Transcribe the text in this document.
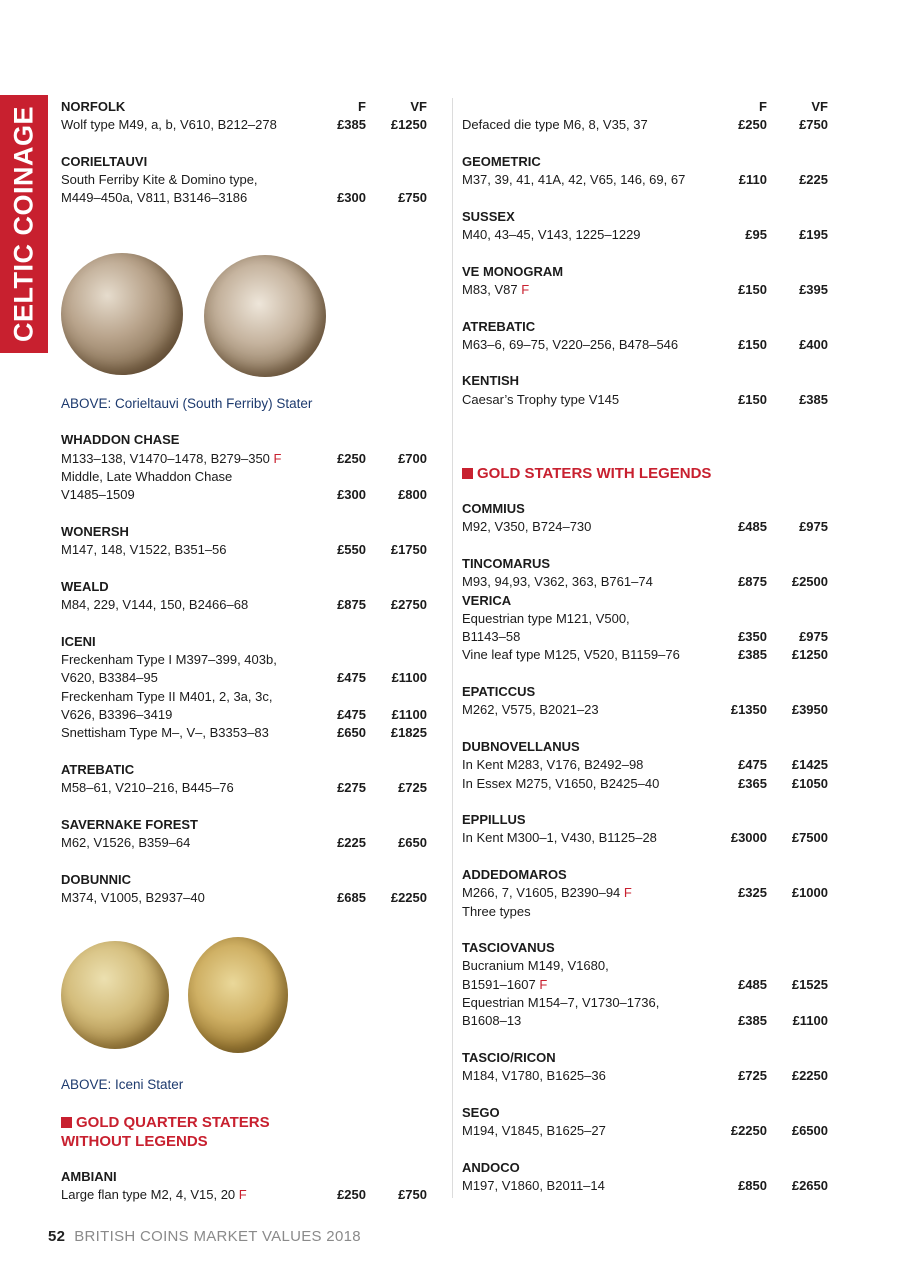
CELTIC COINAGE NORFOLK	F	VF
Wolf type M49, a, b, V610, B212–278	£385 £1250
CORIELTAUVI
South Ferriby Kite & Domino type,
M449–450a, V811, B3146–3186	£300 £750
ABOVE: Corieltauvi (South Ferriby) Stater
WHADDON CHASE
M133–138, V1470–1478, B279–350 F	£250 £700
Middle, Late Whaddon Chase
V1485–1509	£300 £800
WONERSH
M147, 148, V1522, B351–56	£550 £1750
WEALD
M84, 229, V144, 150, B2466–68	£875 £2750
ICENI
Freckenham Type I M397–399, 403b,
V620, B3384–95	£475 £1100
Freckenham Type II M401, 2, 3a, 3c,
V626, B3396–3419	£475 £1100
Snettisham Type M–, V–, B3353–83	£650 £1825
ATREBATIC
M58–61, V210–216, B445–76	£275 £725
SAVERNAKE FOREST
M62, V1526, B359–64	£225 £650
DOBUNNIC
M374, V1005, B2937–40	£685 £2250
ABOVE: Iceni Stater
GOLD QUARTER STATERS
WITHOUT LEGENDS
AMBIANI
Large flan type M2, 4, V15, 20 F	£250 £750
F	VF
Defaced die type M6, 8, V35, 37	£250 £750
GEOMETRIC
M37, 39, 41, 41A, 42, V65, 146, 69, 67	£110 £225
SUSSEX
M40, 43–45, V143, 1225–1229	£95 £195
VE MONOGRAM
M83, V87 F	£150 £395
ATREBATIC
M63–6, 69–75, V220–256, B478–546	£150 £400
KENTISH
Caesar’s Trophy type V145	£150 £385
GOLD STATERS WITH LEGENDS
COMMIUS
M92, V350, B724–730	£485 £975
TINCOMARUS
M93, 94,93, V362, 363, B761–74	£875 £2500
VERICA
Equestrian type M121, V500,
B1143–58	£350 £975
Vine leaf type M125, V520, B1159–76	£385 £1250
EPATICCUS
M262, V575, B2021–23	£1350 £3950
DUBNOVELLANUS
In Kent M283, V176, B2492–98	£475 £1425
In Essex M275, V1650, B2425–40	£365 £1050
EPPILLUS
In Kent M300–1, V430, B1125–28	£3000 £7500
ADDEDOMAROS
M266, 7, V1605, B2390–94 F	£325 £1000
Three types
TASCIOVANUS
Bucranium M149, V1680,
B1591–1607 F	£485 £1525
Equestrian M154–7, V1730–1736,
B1608–13	£385 £1100
TASCIO/RICON
M184, V1780, B1625–36	£725 £2250
SEGO
M194, V1845, B1625–27	£2250 £6500
ANDOCO
M197, V1860, B2011–14	£850 £2650
52 BRITISH COINS MARKET VALUES 2018
